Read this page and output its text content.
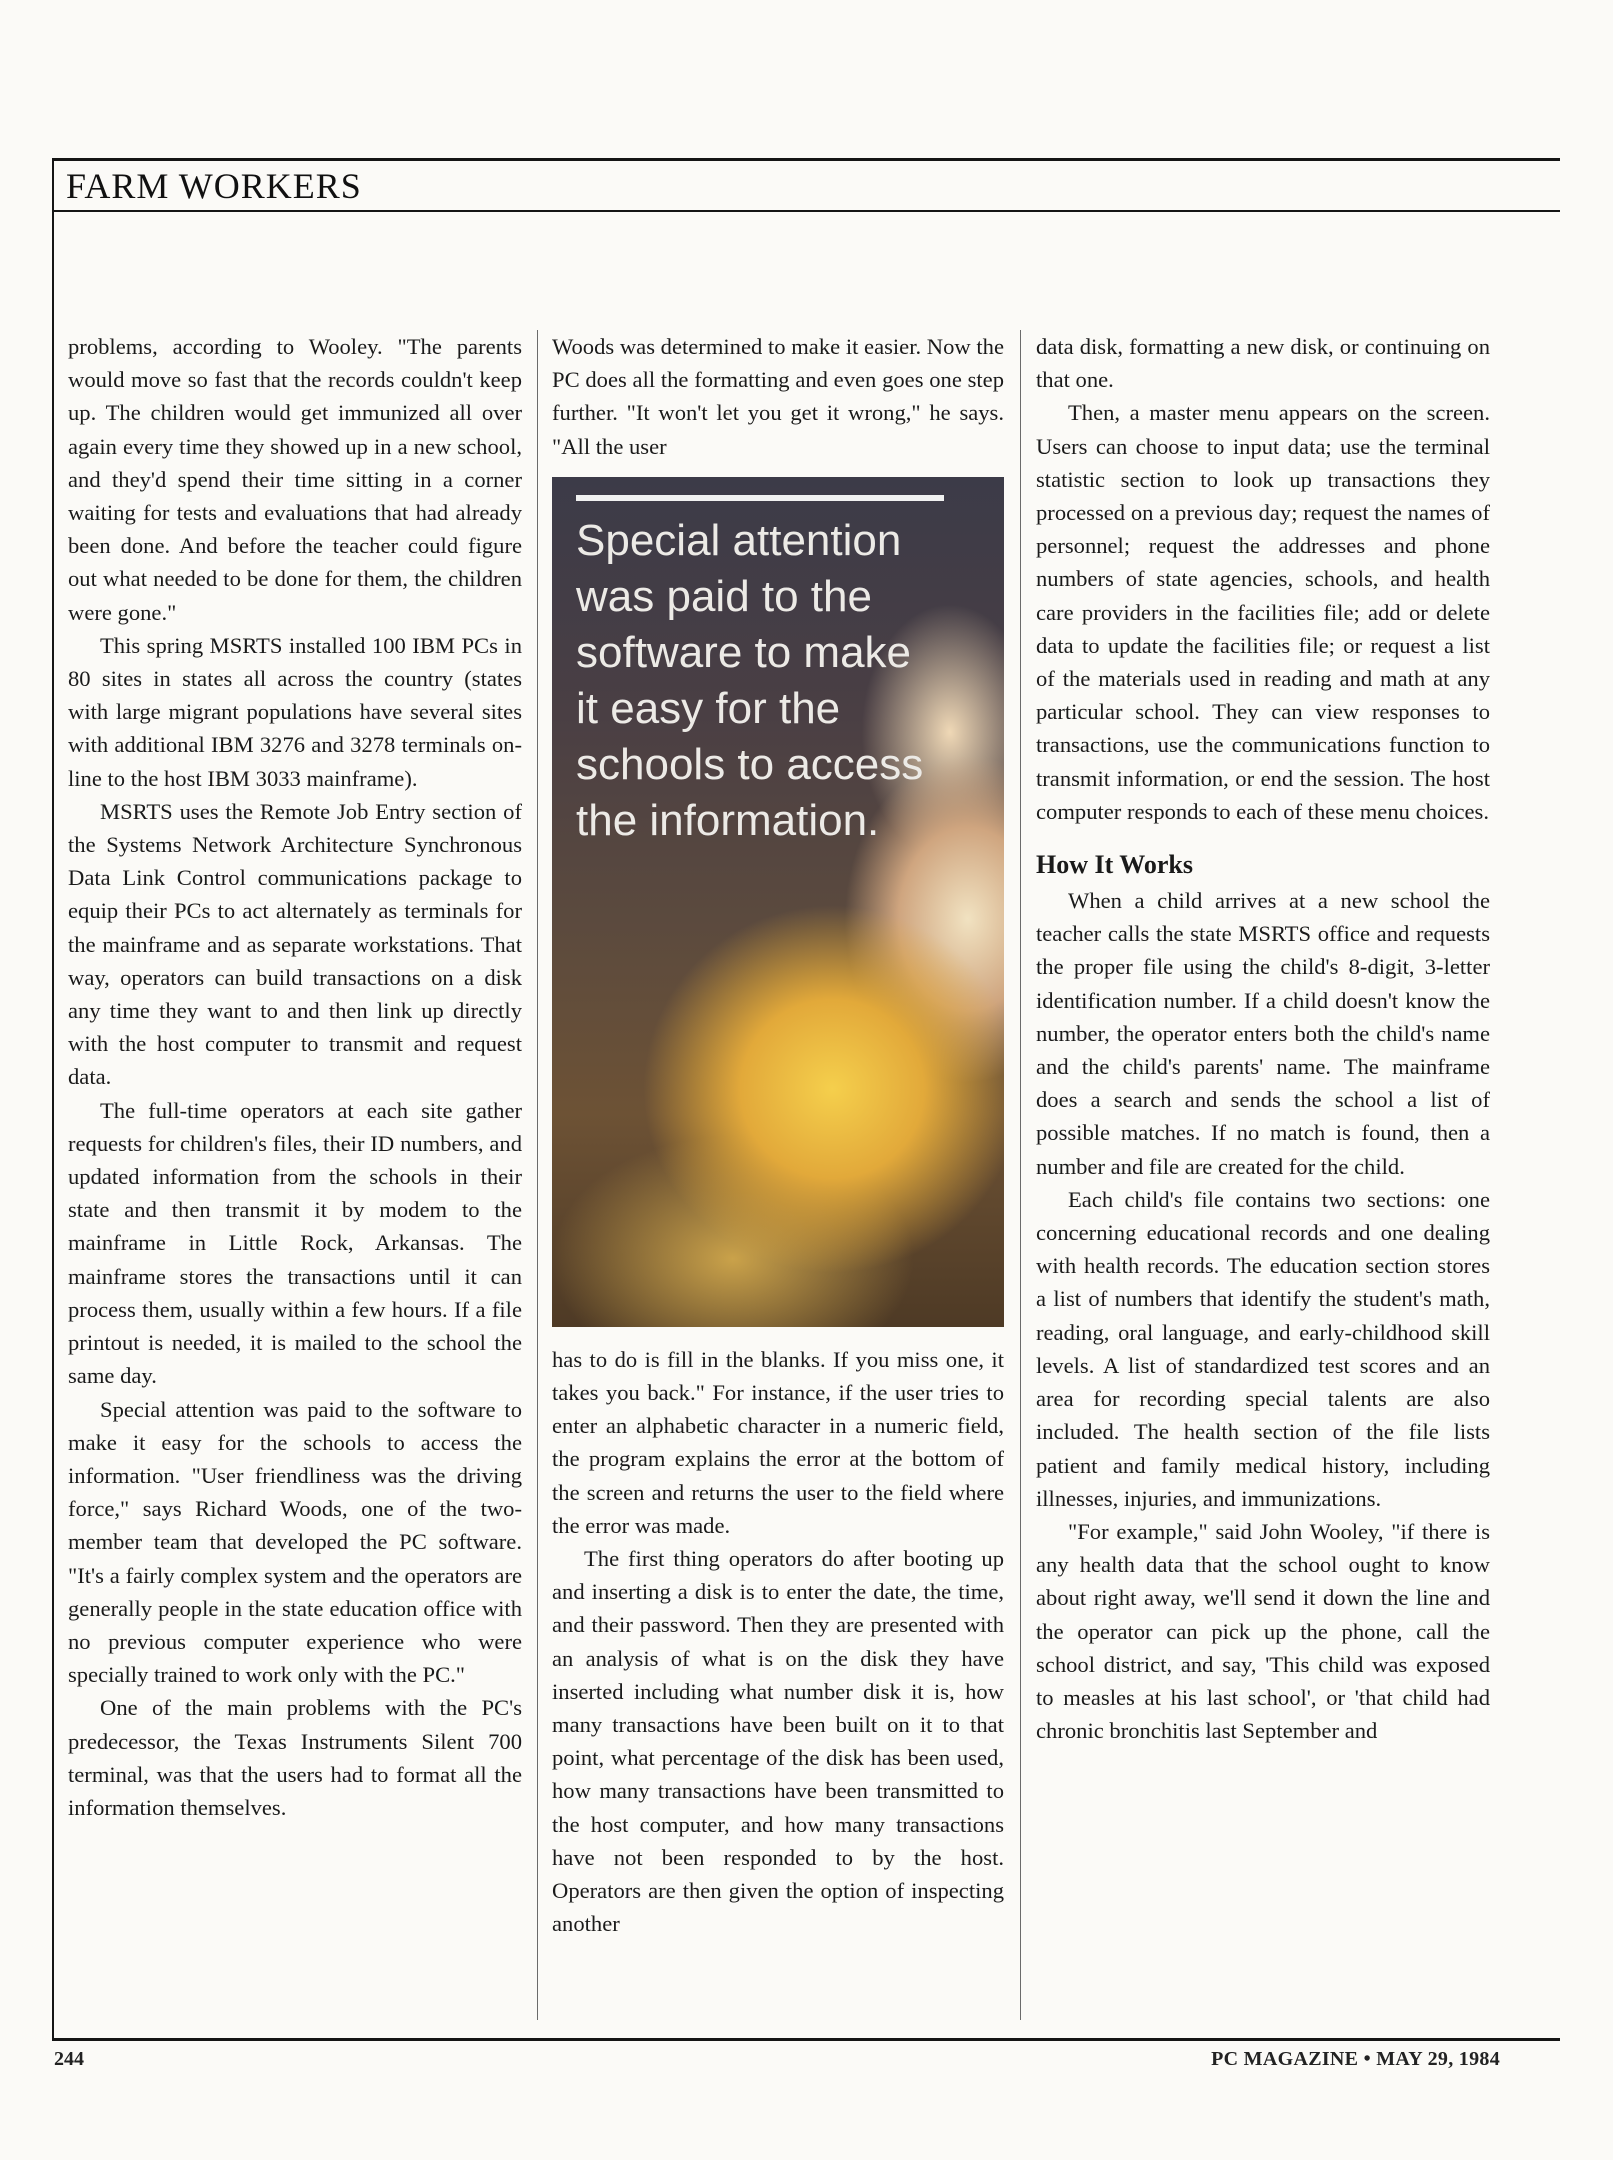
FARM WORKERS

problems, according to Wooley. "The parents would move so fast that the records couldn't keep up. The children would get immunized all over again every time they showed up in a new school, and they'd spend their time sitting in a corner waiting for tests and evaluations that had already been done. And before the teacher could figure out what needed to be done for them, the children were gone."

This spring MSRTS installed 100 IBM PCs in 80 sites in states all across the country (states with large migrant populations have several sites with additional IBM 3276 and 3278 terminals on-line to the host IBM 3033 mainframe).

MSRTS uses the Remote Job Entry section of the Systems Network Architecture Synchronous Data Link Control communications package to equip their PCs to act alternately as terminals for the mainframe and as separate workstations. That way, operators can build transactions on a disk any time they want to and then link up directly with the host computer to transmit and request data.

The full-time operators at each site gather requests for children's files, their ID numbers, and updated information from the schools in their state and then transmit it by modem to the mainframe in Little Rock, Arkansas. The mainframe stores the transactions until it can process them, usually within a few hours. If a file printout is needed, it is mailed to the school the same day.

Special attention was paid to the software to make it easy for the schools to access the information. "User friendliness was the driving force," says Richard Woods, one of the two-member team that developed the PC software. "It's a fairly complex system and the operators are generally people in the state education office with no previous computer experience who were specially trained to work only with the PC."

One of the main problems with the PC's predecessor, the Texas Instruments Silent 700 terminal, was that the users had to format all the information themselves.

Woods was determined to make it easier. Now the PC does all the formatting and even goes one step further. "It won't let you get it wrong," he says. "All the user

Special attention was paid to the software to make it easy for the schools to access the information.

has to do is fill in the blanks. If you miss one, it takes you back." For instance, if the user tries to enter an alphabetic character in a numeric field, the program explains the error at the bottom of the screen and returns the user to the field where the error was made.

The first thing operators do after booting up and inserting a disk is to enter the date, the time, and their password. Then they are presented with an analysis of what is on the disk they have inserted including what number disk it is, how many transactions have been built on it to that point, what percentage of the disk has been used, how many transactions have been transmitted to the host computer, and how many transactions have not been responded to by the host. Operators are then given the option of inspecting another

data disk, formatting a new disk, or continuing on that one.

Then, a master menu appears on the screen. Users can choose to input data; use the terminal statistic section to look up transactions they processed on a previous day; request the names of personnel; request the addresses and phone numbers of state agencies, schools, and health care providers in the facilities file; add or delete data to update the facilities file; or request a list of the materials used in reading and math at any particular school. They can view responses to transactions, use the communications function to transmit information, or end the session. The host computer responds to each of these menu choices.

How It Works

When a child arrives at a new school the teacher calls the state MSRTS office and requests the proper file using the child's 8-digit, 3-letter identification number. If a child doesn't know the number, the operator enters both the child's name and the child's parents' name. The mainframe does a search and sends the school a list of possible matches. If no match is found, then a number and file are created for the child.

Each child's file contains two sections: one concerning educational records and one dealing with health records. The education section stores a list of numbers that identify the student's math, reading, oral language, and early-childhood skill levels. A list of standardized test scores and an area for recording special talents are also included. The health section of the file lists patient and family medical history, including illnesses, injuries, and immunizations.

"For example," said John Wooley, "if there is any health data that the school ought to know about right away, we'll send it down the line and the operator can pick up the phone, call the school district, and say, 'This child was exposed to measles at his last school', or 'that child had chronic bronchitis last September and

244	PC MAGAZINE • MAY 29, 1984
